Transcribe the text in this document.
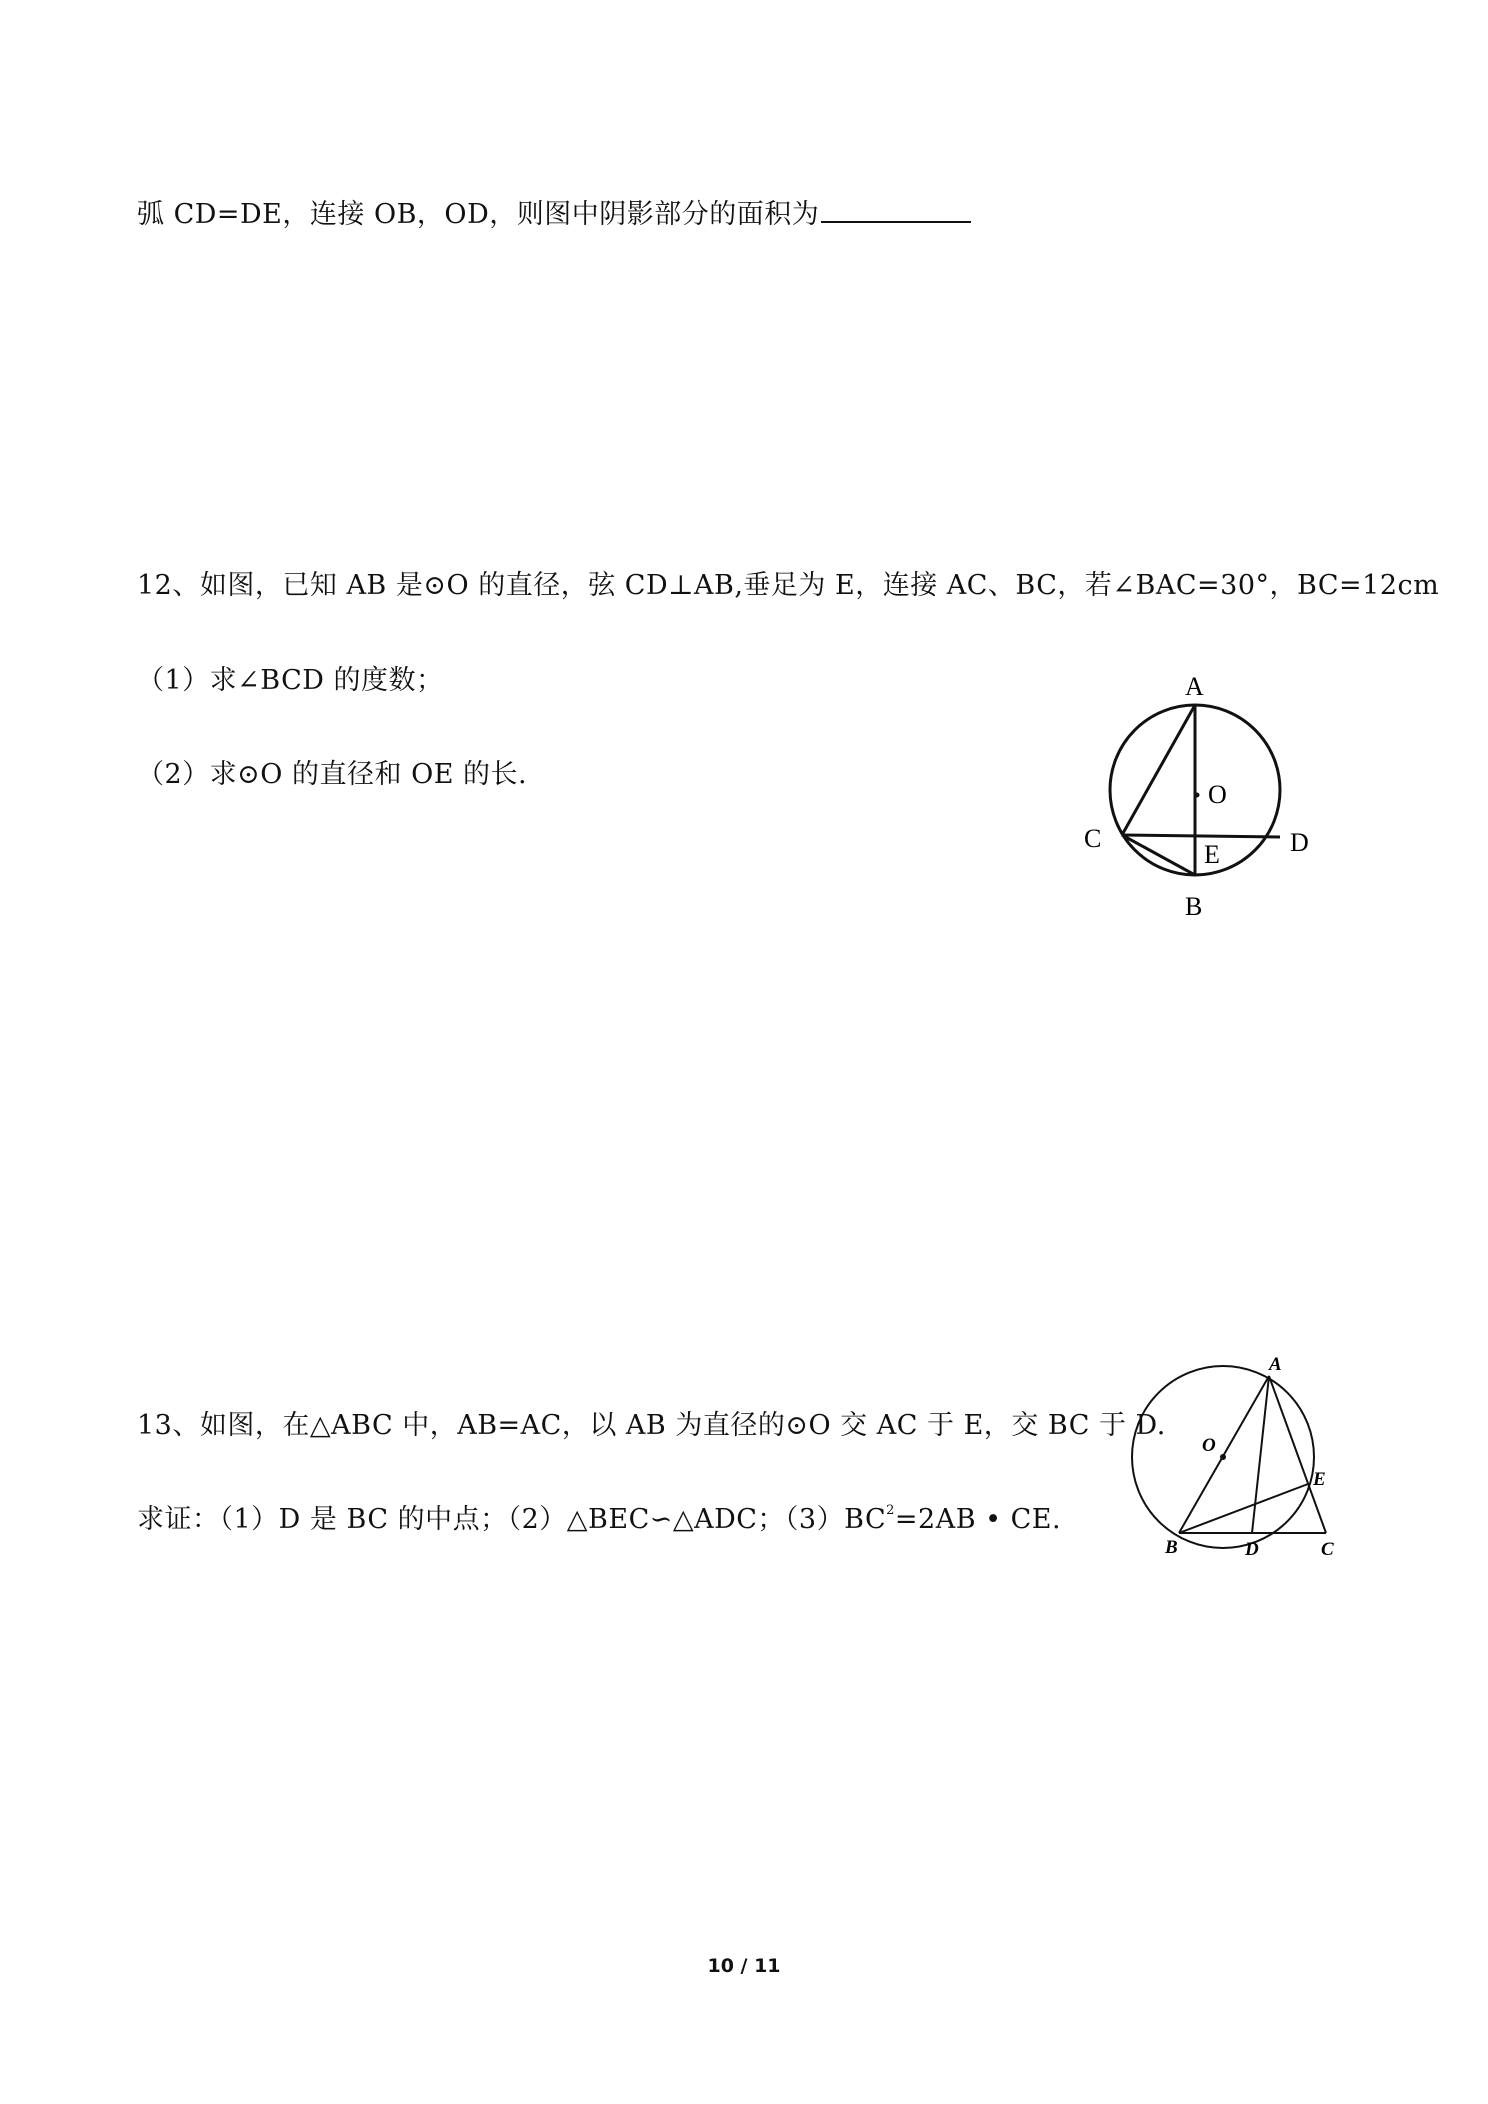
弧 CD=DE，连接 OB，OD，则图中阴影部分的面积为
12、如图，已知 AB 是⊙O 的直径，弦 CD⊥AB,垂足为 E，连接 AC、BC，若∠BAC=30°，BC=12cm
（1）求∠BCD 的度数；
（2）求⊙O 的直径和 OE 的长.
A
O
C	D
E
B
13、如图，在△ABC 中，AB=AC，以 AB 为直径的⊙O 交 AC 于 E，交 BC 于 D.
求证：（1）D 是 BC 的中点；（2）△BEC∽△ADC；$(3)BC^2=2AB$ • CE.
A
O
E
B	D	C
10 / 11
